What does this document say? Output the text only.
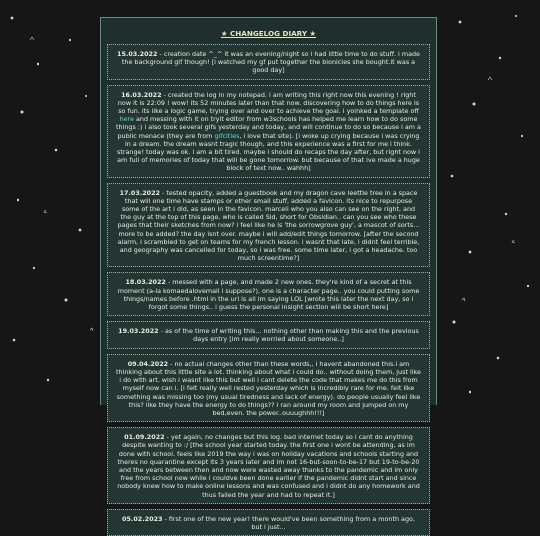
★ CHANGELOG DIARY ★
15.03.2022 - creation date ^_^ it was an evening/night so i had little time to do stuff. i made the background gif though! [i watched my gf put together the bionicles she bought.it was a good day]
16.03.2022 - created the log in my notepad. i am writing this right now this evening ! right now it is 22:09 ! wow! its 52 minutes later than that now. discovering how to do things here is so fun. its like a logic game, trying over and over to achieve the goal. i yoinked a template off here and messing with it on tryit editor from w3schools has helped me learn how to do some things :) i also took several gifs yesterday and today, and will continue to do so because i am a public menace (they are from gifcities, i love that site). [i woke up crying because i was crying in a dream. the dream wasnt tragic though, and this experience was a first for me i think. strange! today was ok. i am a bit tired. maybe i should do recaps the day after, but right now i am full of memories of today that will be gone tomorrow. but because of that ive made a huge block of text now.. wahhh]
17.03.2022 - tested opacity, added a guestbook and my dragon cave leettle tree in a space that will one time have stamps or other small stuff, added a favicon. its nice to repurpose some of the art i did, as seen in the favicon. marceli who you also can see on the right, and the guy at the top of this page, who is called Sid, short for Obsidian.. can you see who these pages that their sketches from now? i feel like he is 'the sorrowgrove guy', a mascot of sorts... more to be added? the day isnt over. maybe i will add/edit things tomorrow. [after the second alarm, i scrambled to get on teams for my french lesson. i wasnt that late, i didnt feel terrible, and geography was cancelled for today, so i was free. some time later, i got a headache. too much screentime?]
18.03.2022 - messed with a page, and made 2 new ones. they're kind of a secret at this moment (a-la komaedalovemail i suppose?), one is a character page.. you could putting some things/names before .html in the url is all im saying LOL [wrote this later the next day, so i forgot some things.. i guess the personal insight section will be short here]
19.03.2022 - as of the time of writing this... nothing other than making this and the previous days entry [im really worried about someone..]
09.04.2022 - no actual changes other than these words,, i havent abandoned this.i am thinking about this little site a lot. thinking about what i could do.. without doing them, just like i do with art. wish i wasnt like this but well i cant delete the code that makes me do this from myself now can i. [i felt really well rested yesterday which is incredibly rare for me. felt like something was missing too (my usual tiredness and lack of energy). do people usually feel like this? like they have the energy to do things?? i ran around my room and jumped on my bed,even. the power..ouuughhh!!!]
01.09.2022 - yet again, no changes but this log. bad internet today so i cant do anything despite wanting to :/ [the school year started today. the first one i wont be attending, as im done with school. feels like 2019 the way i was on holiday vacations and schools starting and theres no quarantine except its 3 years later and im not 16-but-soon-to-be-17 but 19-to-be-20 and the years between then and now were wasted away thanks to the pandemic and im only free from school now while i couldve been done earlier if the pandemic didnt start and since nobody knew how to make online lessons and was confused and i didnt do any homework and thus failed the year and had to repeat it.]
05.02.2023 - first one of the new year! there would've been something from a month ago, but i just...
